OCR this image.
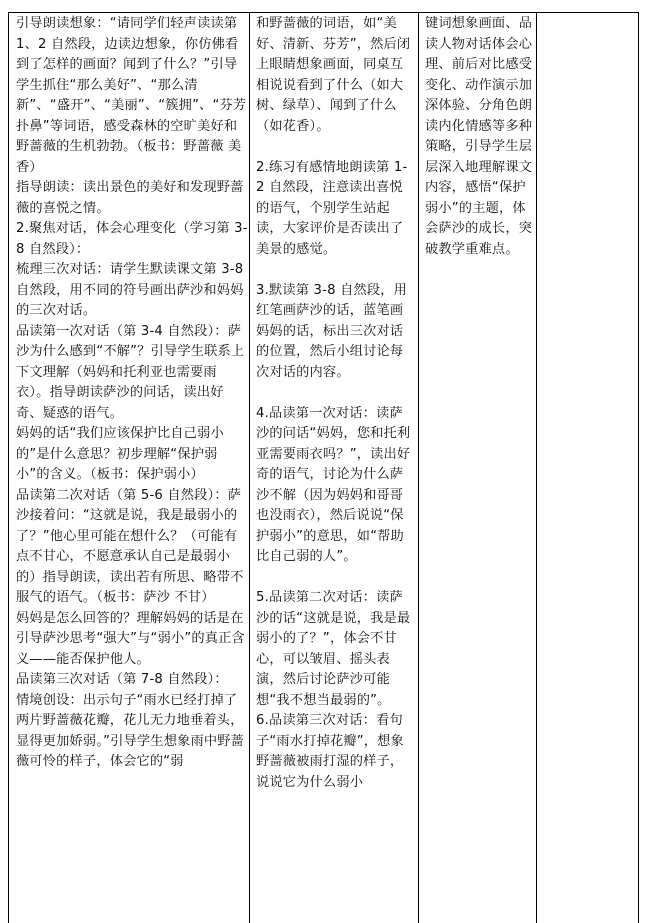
引导朗读想象：“请同学们轻声读读第 1、2 自然段，边读边想象，你仿佛看到了怎样的画面？闻到了什么？”引导学生抓住“那么美好”、“那么清新”、“盛开”、“美丽”、“簇拥”、“芬芳扑鼻”等词语，感受森林的空旷美好和野蔷薇的生机勃勃。（板书：野蔷薇 美 香）

指导朗读：读出景色的美好和发现野蔷薇的喜悦之情。

2.聚焦对话，体会心理变化（学习第 3-8 自然段）：

梳理三次对话：请学生默读课文第 3-8 自然段，用不同的符号画出萨沙和妈妈的三次对话。

品读第一次对话（第 3-4 自然段）：萨沙为什么感到“不解”？引导学生联系上下文理解（妈妈和托利亚也需要雨衣）。指导朗读萨沙的问话，读出好奇、疑惑的语气。

妈妈的话“我们应该保护比自己弱小的”是什么意思？初步理解“保护弱小”的含义。（板书：保护弱小）

品读第二次对话（第 5-6 自然段）：萨沙接着问：“这就是说，我是最弱小的了？”他心里可能在想什么？（可能有点不甘心，不愿意承认自己是最弱小的）指导朗读，读出若有所思、略带不服气的语气。（板书：萨沙 不甘）

妈妈是怎么回答的？理解妈妈的话是在引导萨沙思考“强大”与“弱小”的真正含义——能否保护他人。

品读第三次对话（第 7-8 自然段）：

情境创设：出示句子“雨水已经打掉了两片野蔷薇花瓣，花儿无力地垂着头，显得更加娇弱。”引导学生想象雨中野蔷薇可怜的样子，体会它的“弱

和野蔷薇的词语，如“美好、清新、芬芳”，然后闭上眼睛想象画面，同桌互相说说看到了什么（如大树、绿草）、闻到了什么（如花香）。

2.练习有感情地朗读第 1-2 自然段，注意读出喜悦的语气，个别学生站起读，大家评价是否读出了美景的感觉。

3.默读第 3-8 自然段，用红笔画萨沙的话，蓝笔画妈妈的话，标出三次对话的位置，然后小组讨论每次对话的内容。

4.品读第一次对话：读萨沙的问话“妈妈，您和托利亚需要雨衣吗？”，读出好奇的语气，讨论为什么萨沙不解（因为妈妈和哥哥也没雨衣），然后说说“保护弱小”的意思，如“帮助比自己弱的人”。

5.品读第二次对话：读萨沙的话“这就是说，我是最弱小的了？”，体会不甘心，可以皱眉、摇头表演，然后讨论萨沙可能想“我不想当最弱的”。

6.品读第三次对话：看句子“雨水打掉花瓣”，想象野蔷薇被雨打湿的样子，说说它为什么弱小

键词想象画面、品读人物对话体会心理、前后对比感受变化、动作演示加深体验、分角色朗读内化情感等多种策略，引导学生层层深入地理解课文内容，感悟“保护弱小”的主题，体会萨沙的成长，突破教学重难点。
